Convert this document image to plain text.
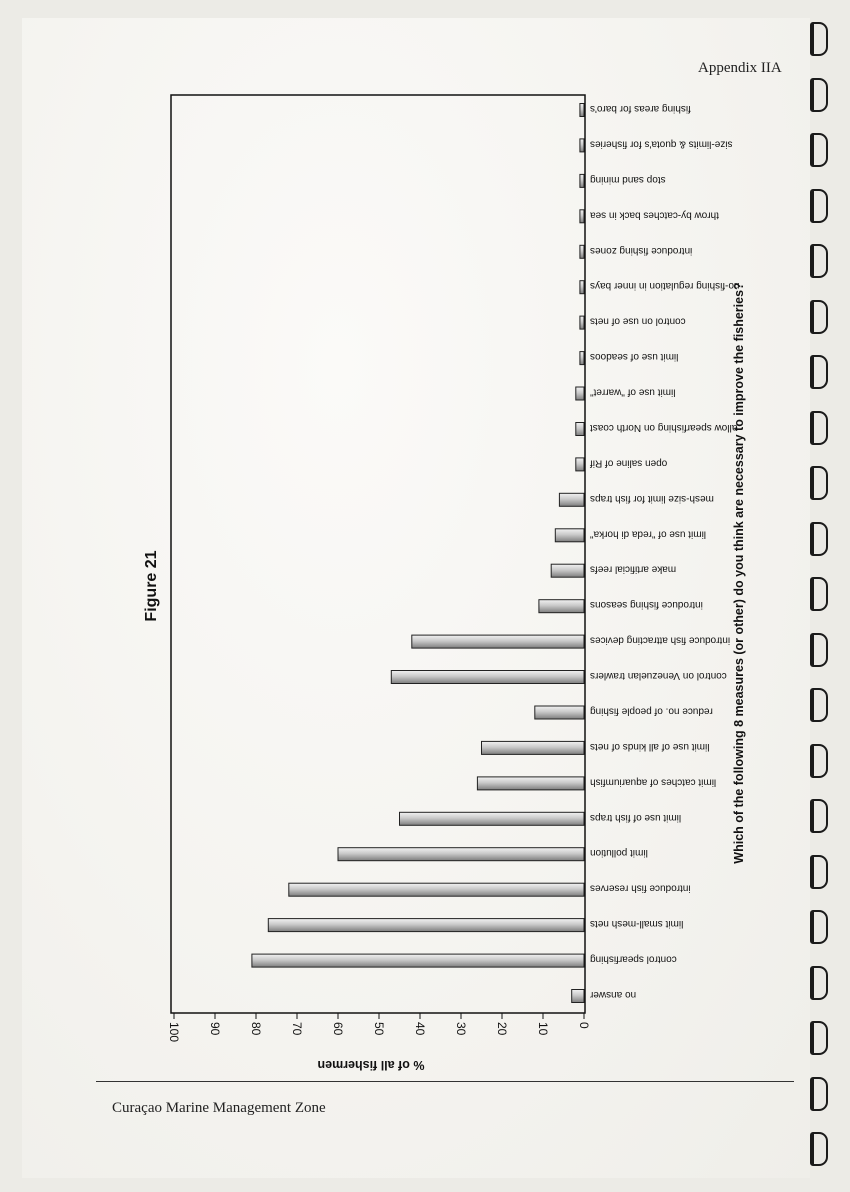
Appendix IIA
no answer
control spearfishing
limit small-mesh nets
introduce fish reserves
limit pollution
limit use of fish traps
limit catches of aquariumfish
limit use of all kinds of nets
reduce no. of people fishing
control on Venezuelan trawlers
introduce fish attracting devices
introduce fishing seasons
make artificial reefs
limit use of "reda di horka"
mesh-size limit for fish traps
open saline of Rif
allow spearfishing on North coast
limit use of "warret"
limit use of seadoos
control on use of nets
no-fishing regulation in inner bays
introduce fishing zones
throw by-catches back in sea
stop sand mining
size-limits & quota's for fisheries
fishing areas for baro's
100 90 80 70 60 50 40 30 20 10 0
% of all fishermen
Figure 21	Which of the following 8 measures (or other) do you think are necessary to improve the fisheries?
Curaçao Marine Management Zone
